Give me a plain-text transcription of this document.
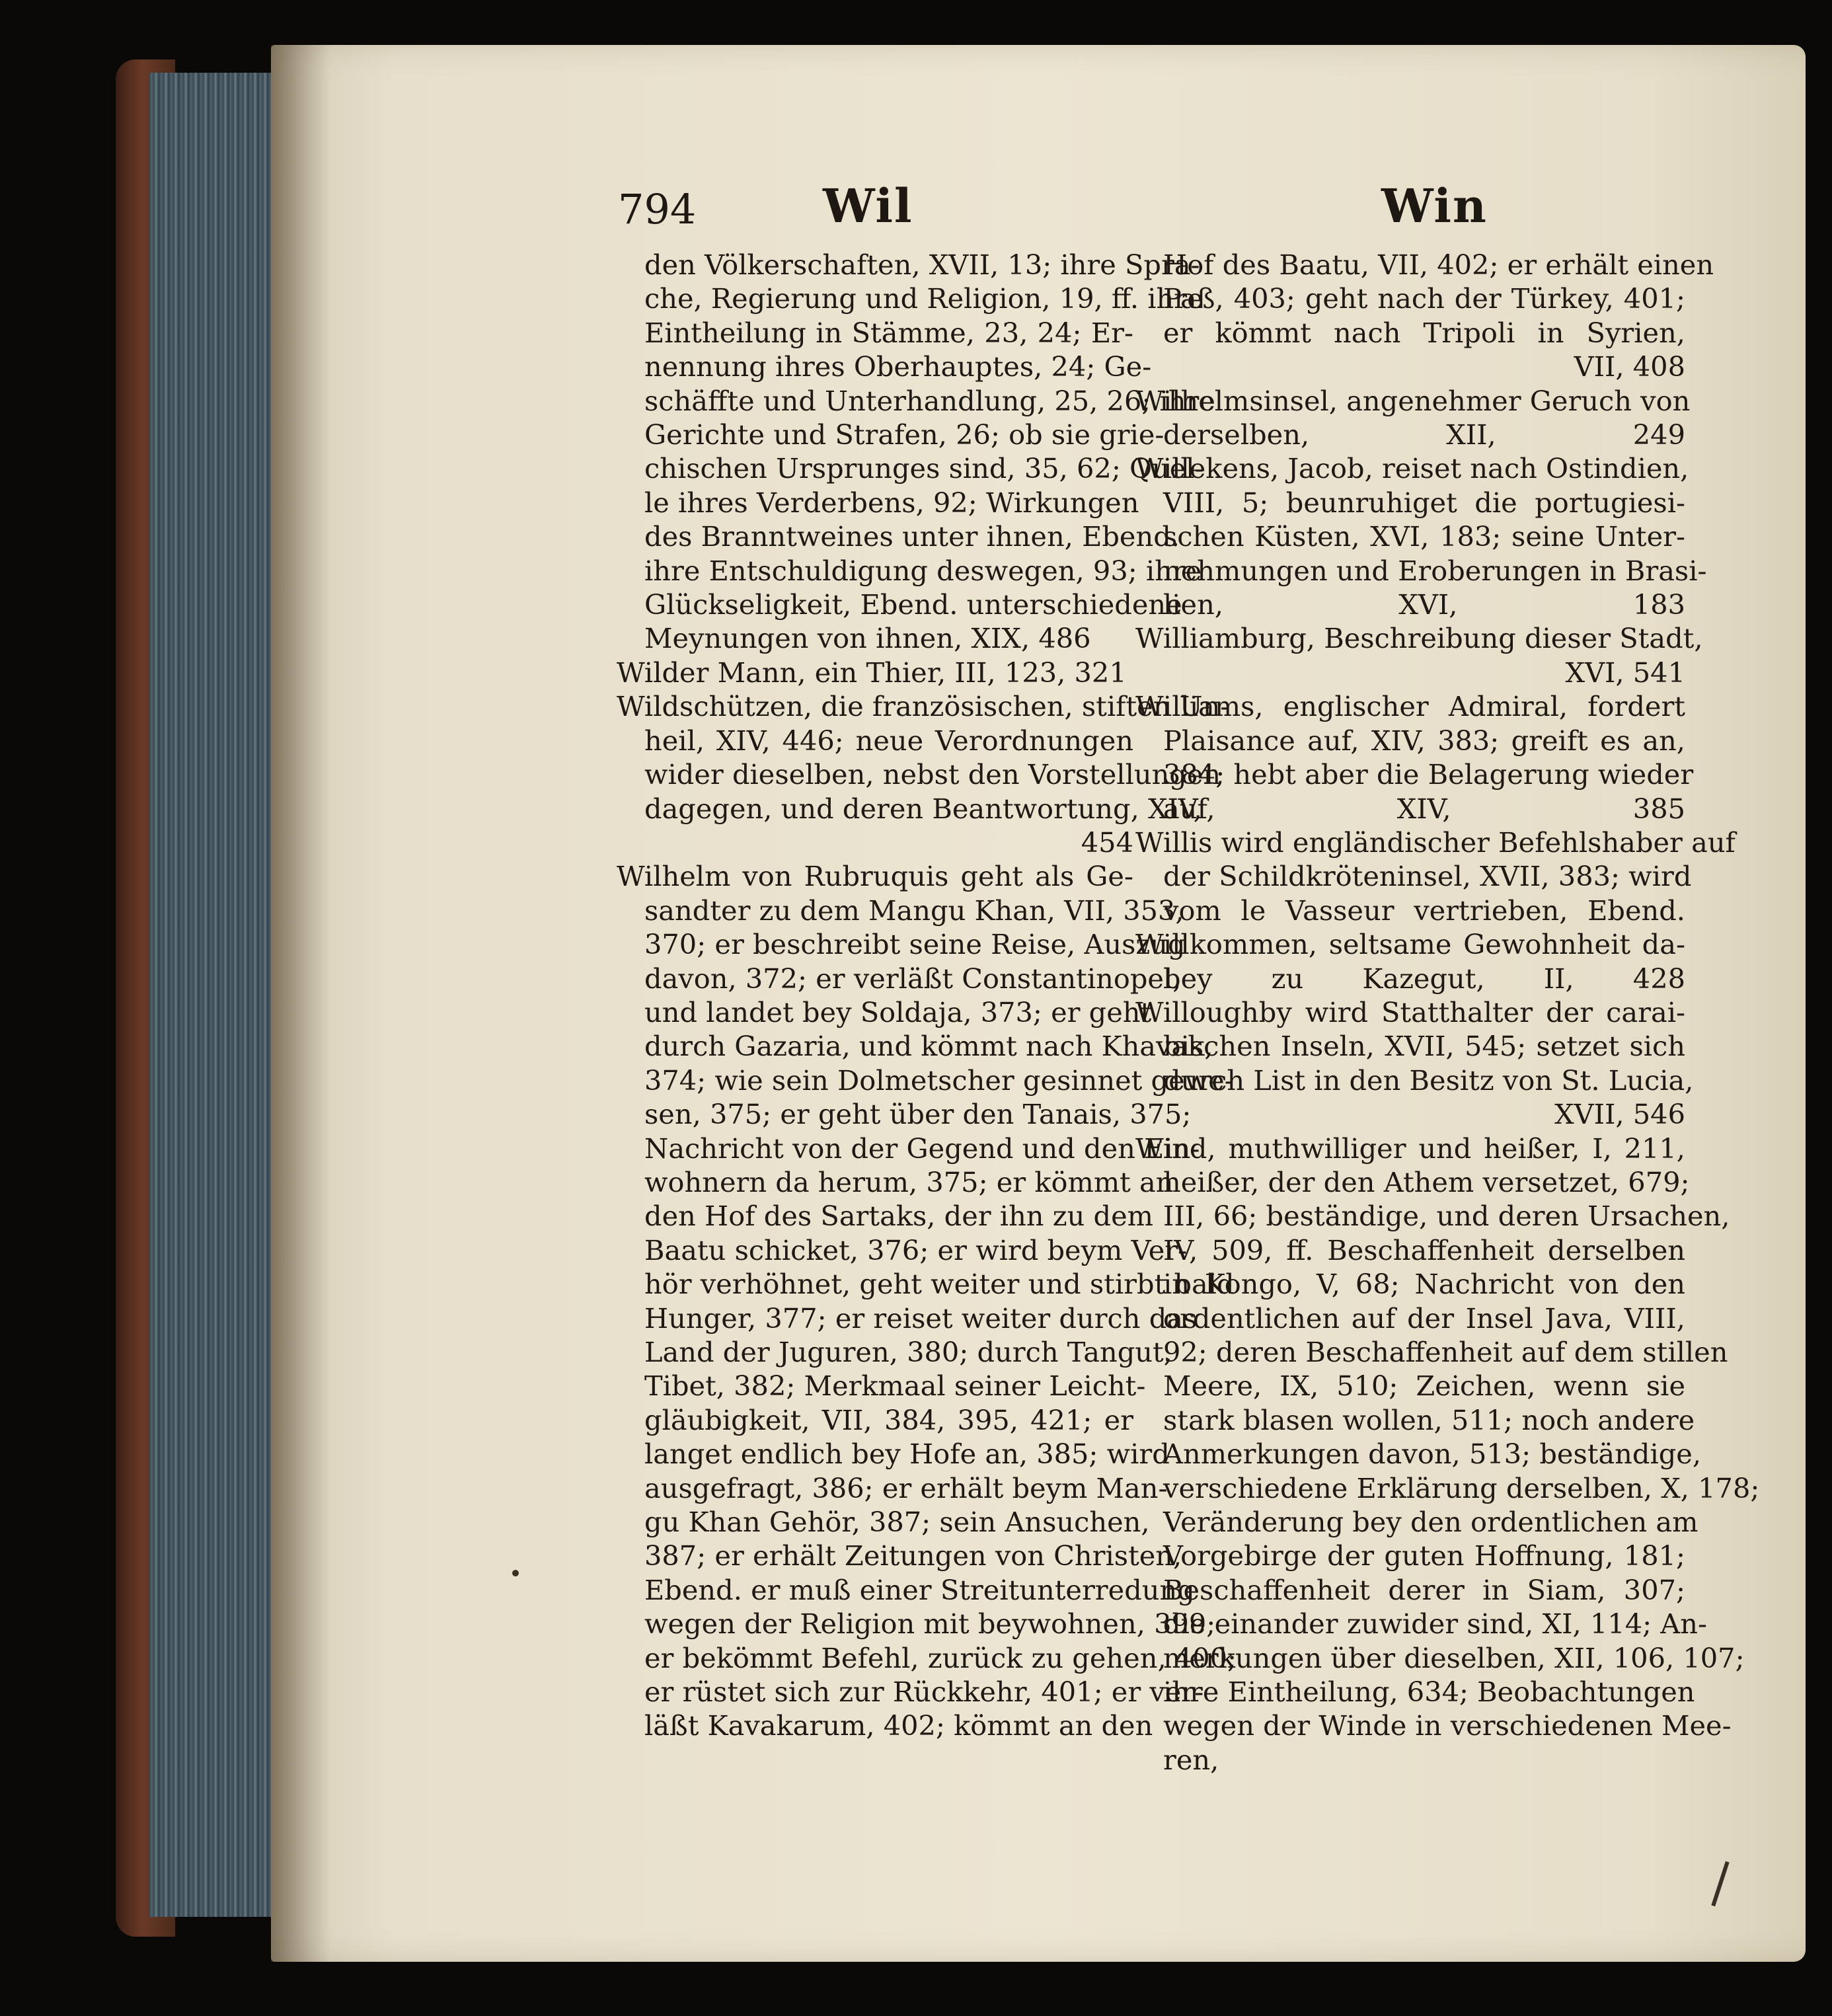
794	Wil	Win
den Völkerschaften, XVII, 13; ihre Spra-
che, Regierung und Religion, 19, ff. ihre
Eintheilung in Stämme, 23, 24; Er-
nennung ihres Oberhauptes, 24; Ge-
schäffte und Unterhandlung, 25, 26; ihre
Gerichte und Strafen, 26; ob sie grie-
chischen Ursprunges sind, 35, 62; Quel-
le ihres Verderbens, 92; Wirkungen
des Branntweines unter ihnen, Ebend.
ihre Entschuldigung deswegen, 93; ihre
Glückseligkeit, Ebend. unterschiedene
Meynungen von ihnen, XIX, 486
Wilder Mann, ein Thier, III, 123, 321
Wildschützen, die französischen, stiften Un-
heil, XIV, 446; neue Verordnungen
wider dieselben, nebst den Vorstellungen
dagegen, und deren Beantwortung, XIV,
454
Wilhelm von Rubruquis geht als Ge-
sandter zu dem Mangu Khan, VII, 353,
370; er beschreibt seine Reise, Auszug
davon, 372; er verläßt Constantinopel,
und landet bey Soldaja, 373; er geht
durch Gazaria, und kömmt nach Khavak,
374; wie sein Dolmetscher gesinnet gewe-
sen, 375; er geht über den Tanais, 375;
Nachricht von der Gegend und den Ein-
wohnern da herum, 375; er kömmt an
den Hof des Sartaks, der ihn zu dem
Baatu schicket, 376; er wird beym Ver-
hör verhöhnet, geht weiter und stirbt bald
Hunger, 377; er reiset weiter durch das
Land der Juguren, 380; durch Tangut,
Tibet, 382; Merkmaal seiner Leicht-
gläubigkeit, VII, 384, 395, 421; er
langet endlich bey Hofe an, 385; wird
ausgefragt, 386; er erhält beym Man-
gu Khan Gehör, 387; sein Ansuchen,
387; er erhält Zeitungen von Christen,
Ebend. er muß einer Streitunterredung
wegen der Religion mit beywohnen, 399;
er bekömmt Befehl, zurück zu gehen, 400;
er rüstet sich zur Rückkehr, 401; er ver-
läßt Kavakarum, 402; kömmt an den
Hof des Baatu, VII, 402; er erhält einen
Paß, 403; geht nach der Türkey, 401;
er kömmt nach Tripoli in Syrien,
VII, 408
Wilhelmsinsel, angenehmer Geruch von
derselben, XII, 249
Willekens, Jacob, reiset nach Ostindien,
VIII, 5; beunruhiget die portugiesi-
schen Küsten, XVI, 183; seine Unter-
nehmungen und Eroberungen in Brasi-
lien, XVI, 183
Williamburg, Beschreibung dieser Stadt,
XVI, 541
Williams, englischer Admiral, fordert
Plaisance auf, XIV, 383; greift es an,
384; hebt aber die Belagerung wieder
auf, XIV, 385
Willis wird engländischer Befehlshaber auf
der Schildkröteninsel, XVII, 383; wird
vom le Vasseur vertrieben, Ebend.
Willkommen, seltsame Gewohnheit da-
bey zu Kazegut, II, 428
Willoughby wird Statthalter der carai-
bischen Inseln, XVII, 545; setzet sich
durch List in den Besitz von St. Lucia,
XVII, 546
Wind, muthwilliger und heißer, I, 211,
heißer, der den Athem versetzet, 679;
III, 66; beständige, und deren Ursachen,
IV, 509, ff. Beschaffenheit derselben
in Kongo, V, 68; Nachricht von den
ordentlichen auf der Insel Java, VIII,
92; deren Beschaffenheit auf dem stillen
Meere, IX, 510; Zeichen, wenn sie
stark blasen wollen, 511; noch andere
Anmerkungen davon, 513; beständige,
verschiedene Erklärung derselben, X, 178;
Veränderung bey den ordentlichen am
Vorgebirge der guten Hoffnung, 181;
Beschaffenheit derer in Siam, 307;
die einander zuwider sind, XI, 114; An-
merkungen über dieselben, XII, 106, 107;
ihre Eintheilung, 634; Beobachtungen
wegen der Winde in verschiedenen Mee-
ren,
